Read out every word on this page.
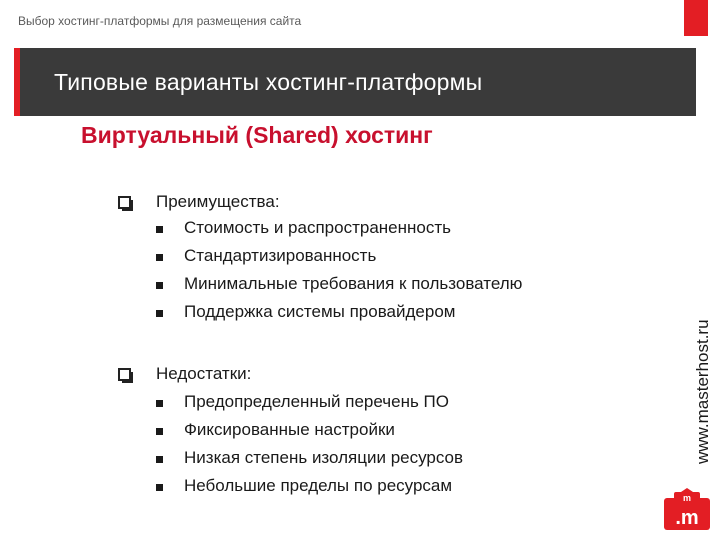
Выбор хостинг-платформы для размещения сайта
Типовые варианты хостинг-платформы
Виртуальный (Shared) хостинг
Преимущества:
Стоимость и распространенность
Стандартизированность
Минимальные требования к пользователю
Поддержка системы провайдером
Недостатки:
Предопределенный перечень ПО
Фиксированные настройки
Низкая степень изоляции ресурсов
Небольшие пределы по ресурсам
www.masterhost.ru
m
.m
